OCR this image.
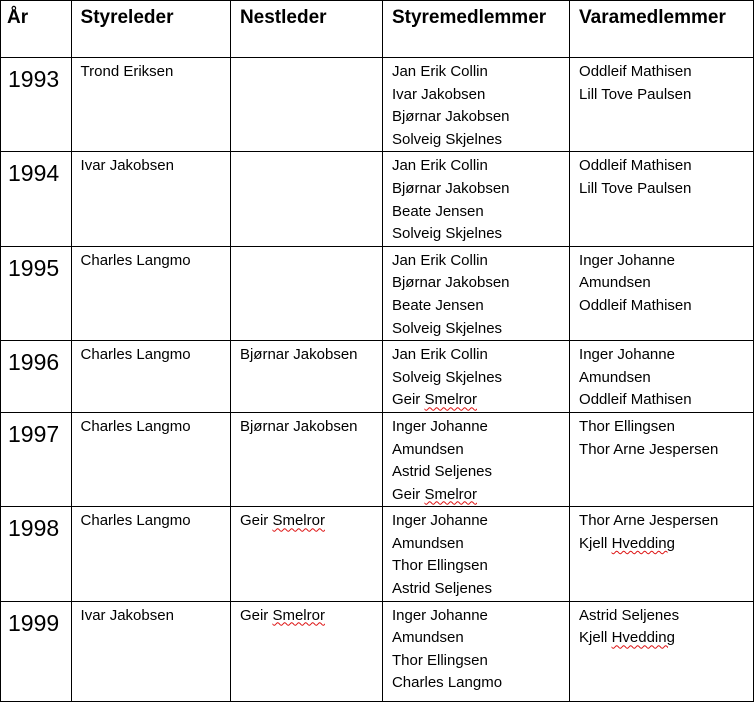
År	Styreleder	Nestleder	Styremedlemmer	Varamedlemmer

1993	Trond Eriksen		Jan Erik Collin
Ivar Jakobsen
Bjørnar Jakobsen
Solveig Skjelnes	Oddleif Mathisen
Lill Tove Paulsen

1994	Ivar Jakobsen		Jan Erik Collin
Bjørnar Jakobsen
Beate Jensen
Solveig Skjelnes	Oddleif Mathisen
Lill Tove Paulsen

1995	Charles Langmo		Jan Erik Collin
Bjørnar Jakobsen
Beate Jensen
Solveig Skjelnes	Inger Johanne
Amundsen
Oddleif Mathisen

1996	Charles Langmo	Bjørnar Jakobsen	Jan Erik Collin
Solveig Skjelnes
Geir Smelror	Inger Johanne
Amundsen
Oddleif Mathisen

1997	Charles Langmo	Bjørnar Jakobsen	Inger Johanne
Amundsen
Astrid Seljenes
Geir Smelror	Thor Ellingsen
Thor Arne Jespersen

1998	Charles Langmo	Geir Smelror	Inger Johanne
Amundsen
Thor Ellingsen
Astrid Seljenes	Thor Arne Jespersen
Kjell Hvedding

1999	Ivar Jakobsen	Geir Smelror	Inger Johanne
Amundsen
Thor Ellingsen
Charles Langmo	Astrid Seljenes
Kjell Hvedding
